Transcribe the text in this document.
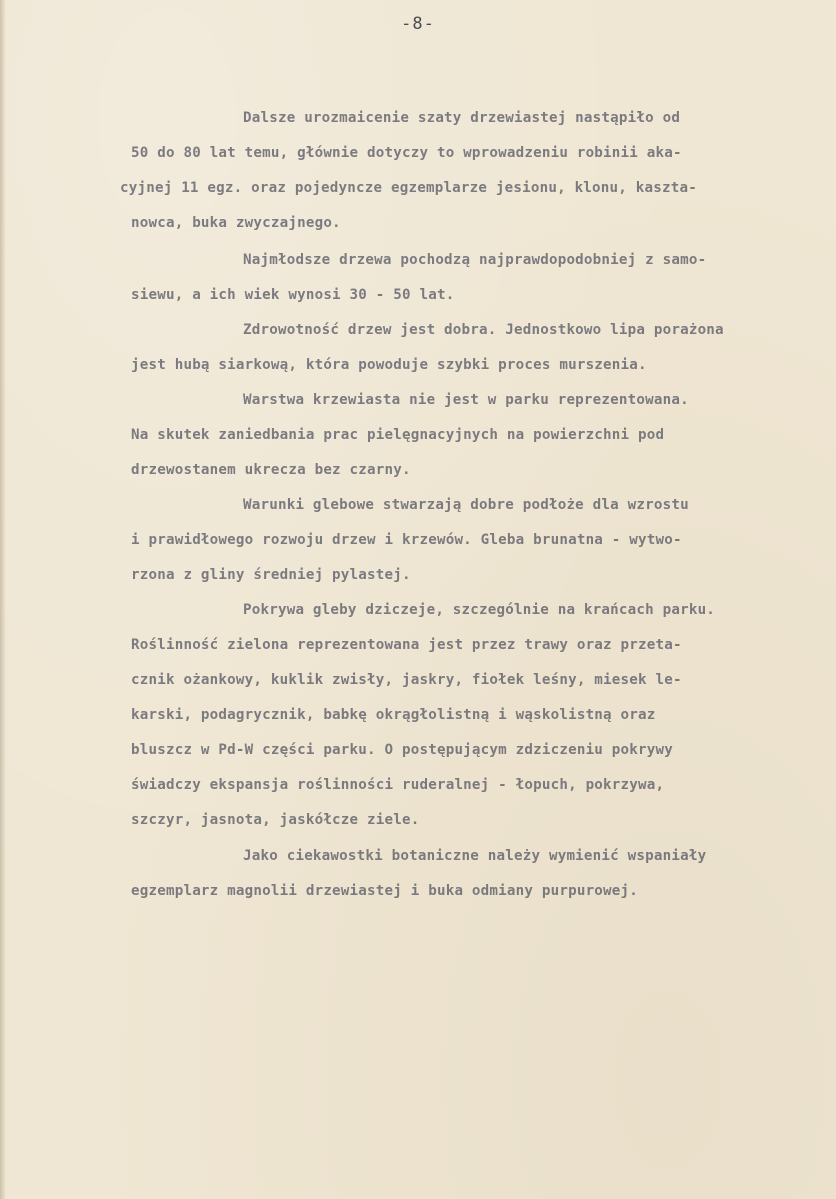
-8-
Dalsze urozmaicenie szaty drzewiastej nastąpiło od
50 do 80 lat temu, głównie dotyczy to wprowadzeniu robinii aka-
cyjnej 11 egz. oraz pojedyncze egzemplarze jesionu, klonu, kaszta-
nowca, buka zwyczajnego.
Najmłodsze drzewa pochodzą najprawdopodobniej z samo-
siewu, a ich wiek wynosi 30 - 50 lat.
Zdrowotność drzew jest dobra. Jednostkowo lipa porażona
jest hubą siarkową, która powoduje szybki proces murszenia.
Warstwa krzewiasta nie jest w parku reprezentowana.
Na skutek zaniedbania prac pielęgnacyjnych na powierzchni pod
drzewostanem ukrecza bez czarny.
Warunki glebowe stwarzają dobre podłoże dla wzrostu
i prawidłowego rozwoju drzew i krzewów. Gleba brunatna - wytwo-
rzona z gliny średniej pylastej.
Pokrywa gleby dziczeje, szczególnie na krańcach parku.
Roślinność zielona reprezentowana jest przez trawy oraz przeta-
cznik ożankowy, kuklik zwisły, jaskry, fiołek leśny, miesek le-
karski, podagrycznik, babkę okrągłolistną i wąskolistną oraz
bluszcz w Pd-W części parku. O postępującym zdziczeniu pokrywy
świadczy ekspansja roślinności ruderalnej - łopuch, pokrzywa,
szczyr, jasnota, jaskółcze ziele.
Jako ciekawostki botaniczne należy wymienić wspaniały
egzemplarz magnolii drzewiastej i buka odmiany purpurowej.
